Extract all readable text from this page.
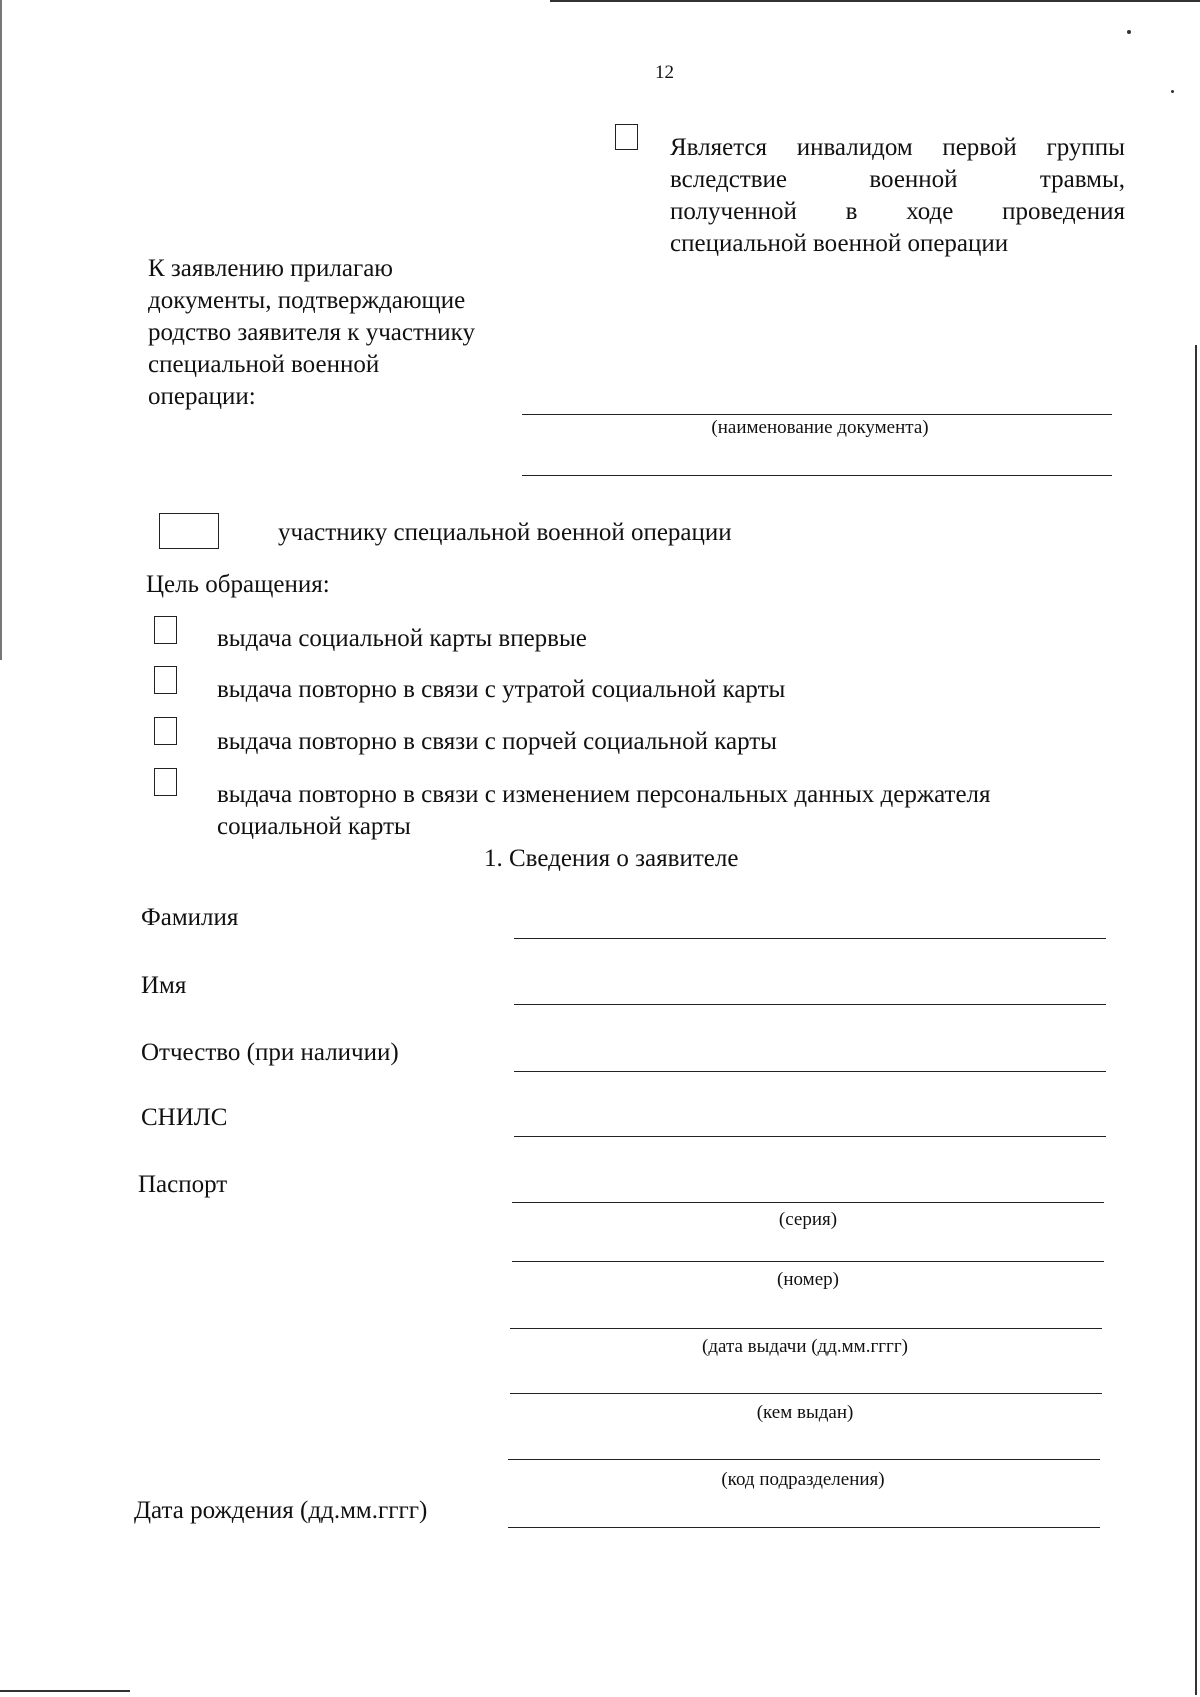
12
Является инвалидом первой группы
вследствие	военной	травмы,
полученной в ходе проведения
специальной военной операции
К заявлению прилагаю
документы, подтверждающие
родство заявителя к участнику
специальной военной
операции:
(наименование документа)
участнику специальной военной операции
Цель обращения:
выдача социальной карты впервые
выдача повторно в связи с утратой социальной карты
выдача повторно в связи с порчей социальной карты
выдача повторно в связи с изменением персональных данных держателя
социальной карты
1. Сведения о заявителе
Фамилия
Имя
Отчество (при наличии)
СНИЛС
Паспорт
(серия)
(номер)
(дата выдачи (дд.мм.гггг)
(кем выдан)
(код подразделения)
Дата рождения (дд.мм.гггг)
